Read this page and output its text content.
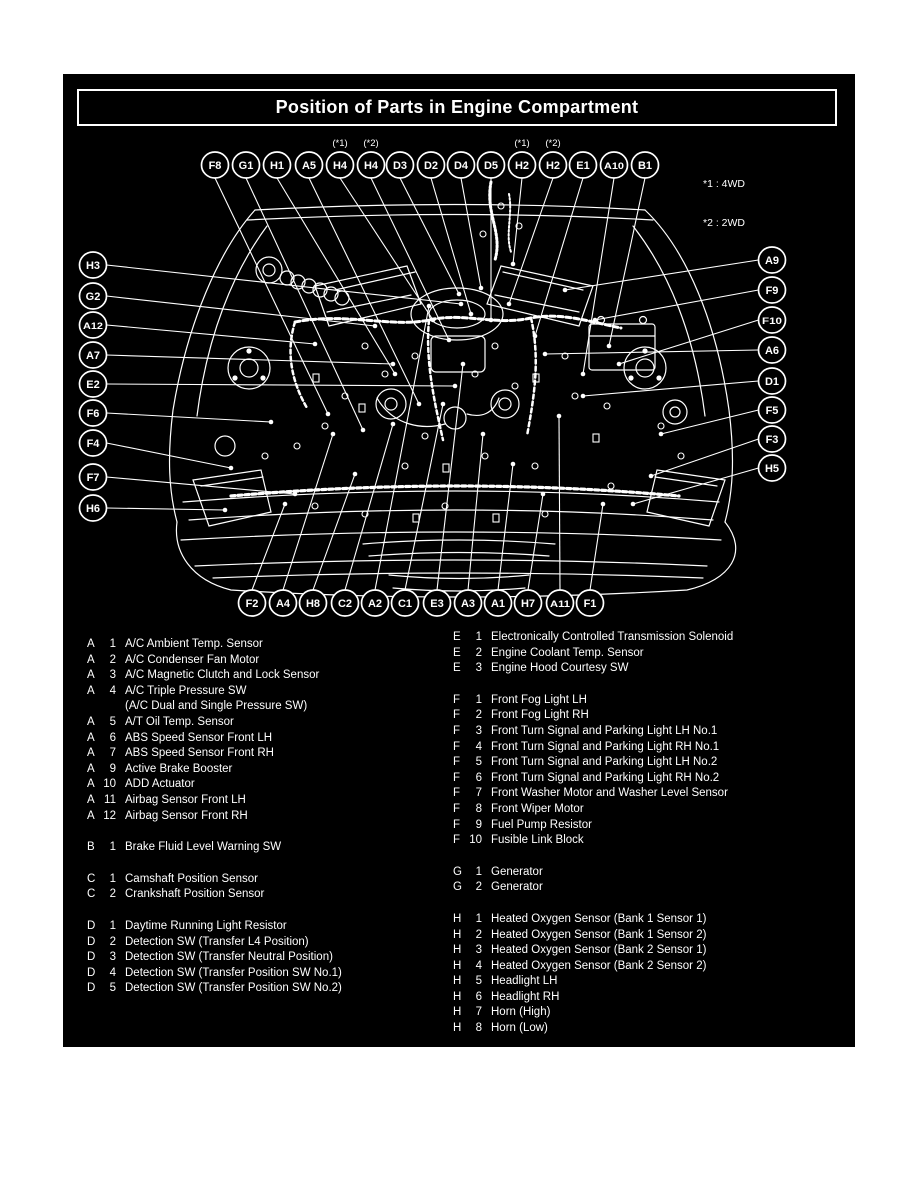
F8 G1 H1 A5 H4
(*1)
H4
(*2)
D3 D2 D4 D5 H2
(*1)
H2
(*2)
E1 A10 B1
H3
G2
A12
A7
E2
F6
F4
F7
H6
A9
F9
F10
A6
D1
F5
F3
H5
F2 A4 H8 C2 A2 C1 E3 A3 A1 H7 A11 F1
Position of Parts in Engine Compartment

*1 : 4WD

*2 : 2WD

A	1 A/C Ambient Temp. Sensor
A	2 A/C Condenser Fan Motor
A	3 A/C Magnetic Clutch and Lock Sensor
A	4 A/C Triple Pressure SW
(A/C Dual and Single Pressure SW)
A	5 A/T Oil Temp. Sensor
A	6 ABS Speed Sensor Front LH
A	7 ABS Speed Sensor Front RH
A	9 Active Brake Booster
A 10 ADD Actuator
A 11 Airbag Sensor Front LH
A 12 Airbag Sensor Front RH
B	1 Brake Fluid Level Warning SW
C	1 Camshaft Position Sensor
C	2 Crankshaft Position Sensor
D	1 Daytime Running Light Resistor
D	2 Detection SW (Transfer L4 Position)
D	3 Detection SW (Transfer Neutral Position)
D	4 Detection SW (Transfer Position SW No.1)
D	5 Detection SW (Transfer Position SW No.2)
E	1 Electronically Controlled Transmission Solenoid
E	2 Engine Coolant Temp. Sensor
E	3 Engine Hood Courtesy SW
F	1 Front Fog Light LH
F	2 Front Fog Light RH
F	3 Front Turn Signal and Parking Light LH No.1
F	4 Front Turn Signal and Parking Light RH No.1
F	5 Front Turn Signal and Parking Light LH No.2
F	6 Front Turn Signal and Parking Light RH No.2
F	7 Front Washer Motor and Washer Level Sensor
F	8 Front Wiper Motor
F	9 Fuel Pump Resistor
F 10 Fusible Link Block
G	1 Generator
G	2 Generator
H	1 Heated Oxygen Sensor (Bank 1 Sensor 1)
H	2 Heated Oxygen Sensor (Bank 1 Sensor 2)
H	3 Heated Oxygen Sensor (Bank 2 Sensor 1)
H	4 Heated Oxygen Sensor (Bank 2 Sensor 2)
H	5 Headlight LH
H	6 Headlight RH
H	7 Horn (High)
H	8 Horn (Low)
